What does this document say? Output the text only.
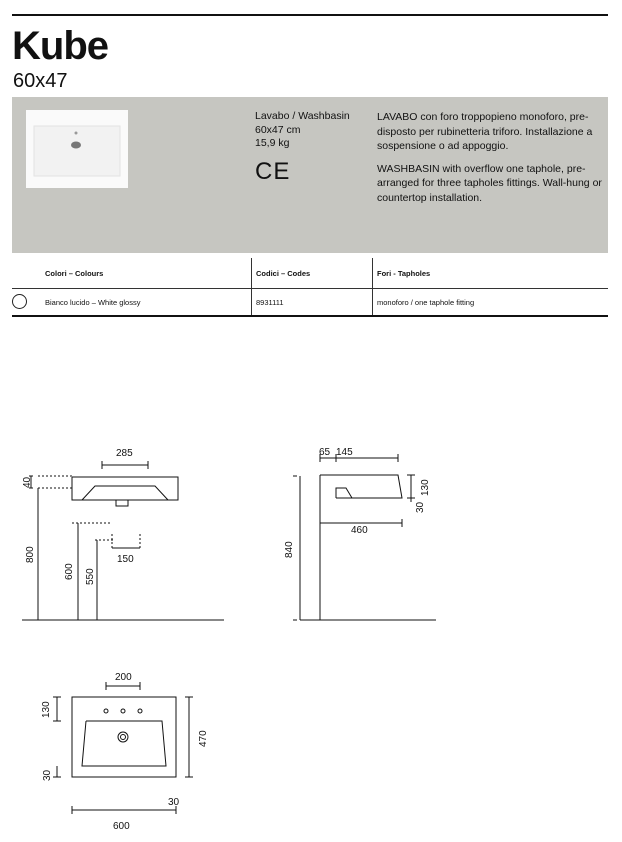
Kube
60x47
Lavabo / Washbasin
60x47 cm
15,9 kg
CE

LAVABO con foro troppopieno monoforo, pre-disposto per rubinetteria triforo. Installazione a sospensione o ad appoggio.

WASHBASIN with overflow one taphole, pre-arranged for three tapholes fittings. Wall-hung or countertop installation.

Colori – Colours	Codici – Codes	Fori - Tapholes
Bianco lucido – White glossy	8931111	monoforo / one taphole fitting
285
40
800
600 550
150
65 145
460
30
130
840
200
130
470
30
30
600
